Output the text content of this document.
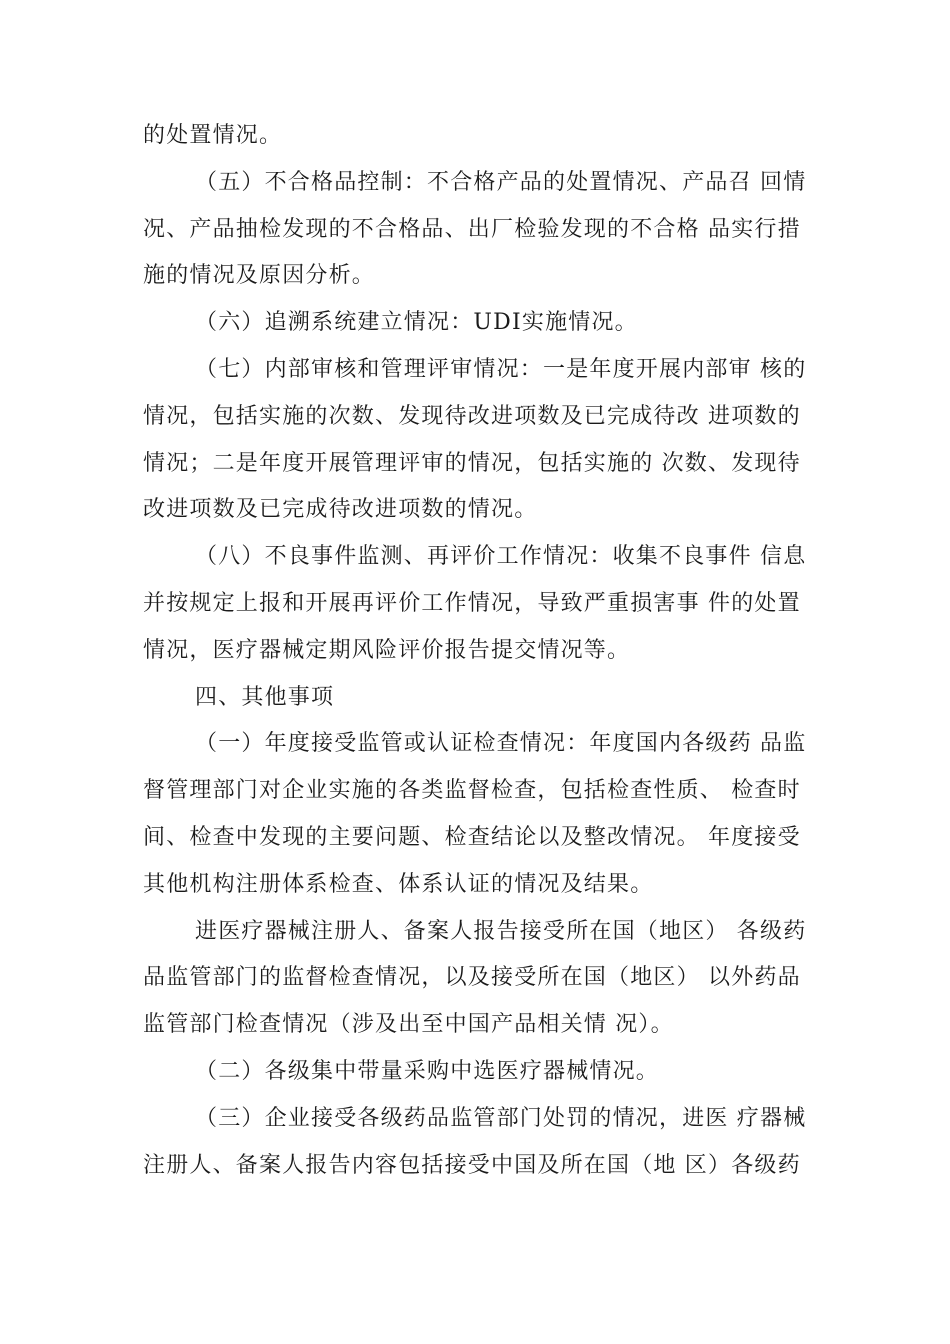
的处置情况。
（五）不合格品控制：不合格产品的处置情况、产品召 回情
况、产品抽检发现的不合格品、出厂检验发现的不合格 品实行措
施的情况及原因分析。
（六）追溯系统建立情况：UDI实施情况。
（七）内部审核和管理评审情况：一是年度开展内部审 核的
情况，包括实施的次数、发现待改进项数及已完成待改 进项数的
情况；二是年度开展管理评审的情况，包括实施的 次数、发现待
改进项数及已完成待改进项数的情况。
（八）不良事件监测、再评价工作情况：收集不良事件 信息
并按规定上报和开展再评价工作情况，导致严重损害事 件的处置
情况，医疗器械定期风险评价报告提交情况等。
四、其他事项
（一）年度接受监管或认证检查情况：年度国内各级药 品监
督管理部门对企业实施的各类监督检查，包括检查性质、 检查时
间、检查中发现的主要问题、检查结论以及整改情况。 年度接受
其他机构注册体系检查、体系认证的情况及结果。
进医疗器械注册人、备案人报告接受所在国（地区） 各级药
品监管部门的监督检查情况，以及接受所在国（地区） 以外药品
监管部门检查情况（涉及出至中国产品相关情 况）。
（二）各级集中带量采购中选医疗器械情况。
（三）企业接受各级药品监管部门处罚的情况，进医 疗器械
注册人、备案人报告内容包括接受中国及所在国（地 区）各级药
